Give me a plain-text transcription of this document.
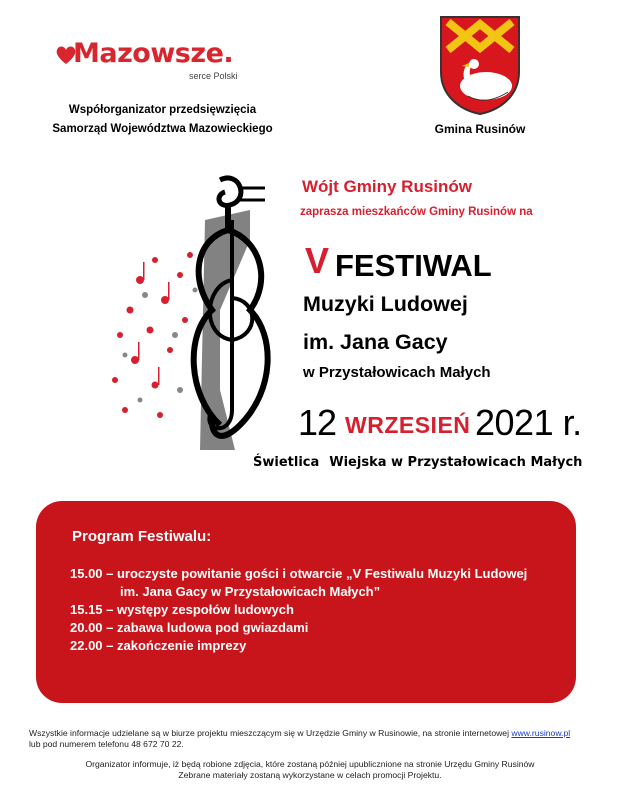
Mazowsze.
serce Polski
Współorganizator przedsięwzięcia
Samorząd Województwa Mazowieckiego	Gmina Rusinów
Wójt Gminy Rusinów
zaprasza mieszkańców Gminy Rusinów na
V FESTIWAL
Muzyki Ludowej
im. Jana Gacy
w Przystałowicach Małych
12 WRZESIEŃ 2021 r.
Świetlica Wiejska w Przystałowicach Małych
Program Festiwalu:
15.00 – uroczyste powitanie gości i otwarcie „V Festiwalu Muzyki Ludowej
im. Jana Gacy w Przystałowicach Małych”
15.15 – występy zespołów ludowych
20.00 – zabawa ludowa pod gwiazdami
22.00 – zakończenie imprezy
Wszystkie informacje udzielane są w biurze projektu mieszczącym się w Urzędzie Gminy w Rusinowie, na stronie internetowej www.rusinow.pl
lub pod numerem telefonu 48 672 70 22.
Organizator informuje, iż będą robione zdjęcia, które zostaną później upublicznione na stronie Urzędu Gminy Rusinów
Zebrane materiały zostaną wykorzystane w celach promocji Projektu.
